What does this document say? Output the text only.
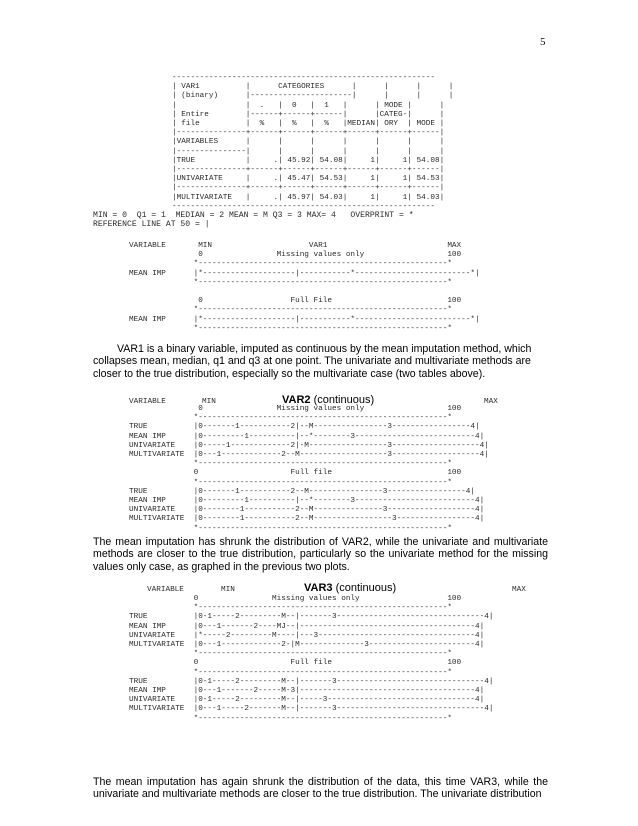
5
---------------------------------------------------------
| VAR1          |      CATEGORIES      |      |      |      |
| (binary)      |----------------------|      |      |      |
|               |  .   |  0   |  1   |      | MODE |      |
| Entire        |------+------+------|      |CATEG-|      |
| file          |  %   |  %   |  %   |MEDIAN| ORY  | MODE |
|---------------+------+------+------+------+------+------|
|VARIABLES      |      |      |      |      |      |      |
|---------------|      |      |      |      |      |      |
|TRUE           |     .| 45.92| 54.08|     1|     1| 54.08|
|---------------+------+------+------+------+------+------|
|UNIVARIATE     |     .| 45.47| 54.53|     1|     1| 54.53|
|---------------+------+------+------+------+------+------|
|MULTIVARIATE   |     .| 45.97| 54.03|     1|     1| 54.03|
---------------------------------------------------------

MIN = 0  Q1 = 1  MEDIAN = 2 MEAN = M Q3 = 3 MAX= 4   OVERPRINT = *
REFERENCE LINE AT 50 = |

VARIABLE       MIN                     VAR1                          MAX
0                Missing values only                  100
*------------------------------------------------------*
MEAN IMP      |*--------------------|-----------*-------------------------*|
*------------------------------------------------------*

0                   Full File                         100
*------------------------------------------------------*
MEAN IMP      |*--------------------|-----------*-------------------------*|
*------------------------------------------------------*

VAR1 is a binary variable, imputed as continuous by the mean imputation method, which collapses mean, median, q1 and q3 at one point. The univariate and multivariate methods are closer to the true distribution, especially so the multivariate case (two tables above).

VARIABLE	MIN	VAR2 (continuous)	MAX
0                Missing values only                  100
*------------------------------------------------------*
TRUE          |0-------1-----------2|--M----------------3-----------------4|
MEAN IMP      |0---------1----------|--*--------3--------------------------4|
UNIVARIATE    |0-----1-------------2|-M-----------------3-------------------4|
MULTIVARIATE  |0---1-------------2--M-------------------3-------------------4|
*------------------------------------------------------*
0                    Full file                         100
*------------------------------------------------------*
TRUE          |0-------1-----------2--M----------------3-----------------4|
MEAN IMP      |0---------1----------|--*--------3--------------------------4|
UNIVARIATE    |0--------1-----------2--M---------------3-------------------4|
MULTIVARIATE  |0--------1-----------2--M-----------------3-----------------4|
*------------------------------------------------------*

The mean imputation has shrunk the distribution of VAR2, while the univariate and multivariate methods are closer to the true distribution, particularly so the univariate method for the missing values only case, as graphed in the previous two plots.

VARIABLE	MIN	VAR3 (continuous)	MAX
0                Missing values only                   100
*------------------------------------------------------*
TRUE          |0-1-----2---------M--|-------3--------------------------------4|
MEAN IMP      |0---1-------2----MJ--|--------------------------------------4|
UNIVARIATE    |*-----2---------M----|---3----------------------------------4|
MULTIVARIATE  |0---1-------------2-|M--------------3-----------------------4|
*------------------------------------------------------*
0                    Full file                         100
*------------------------------------------------------*
TRUE          |0-1-----2---------M--|-------3--------------------------------4|
MEAN IMP      |0---1-------2-----M-3|--------------------------------------4|
UNIVARIATE    |0-1-----2---------M--|-----3--------------------------------4|
MULTIVARIATE  |0---1-----2-------M--|-------3--------------------------------4|
*------------------------------------------------------*

The mean imputation has again shrunk the distribution of the data, this time VAR3, while the univariate and multivariate methods are closer to the true distribution. The univariate distribution
